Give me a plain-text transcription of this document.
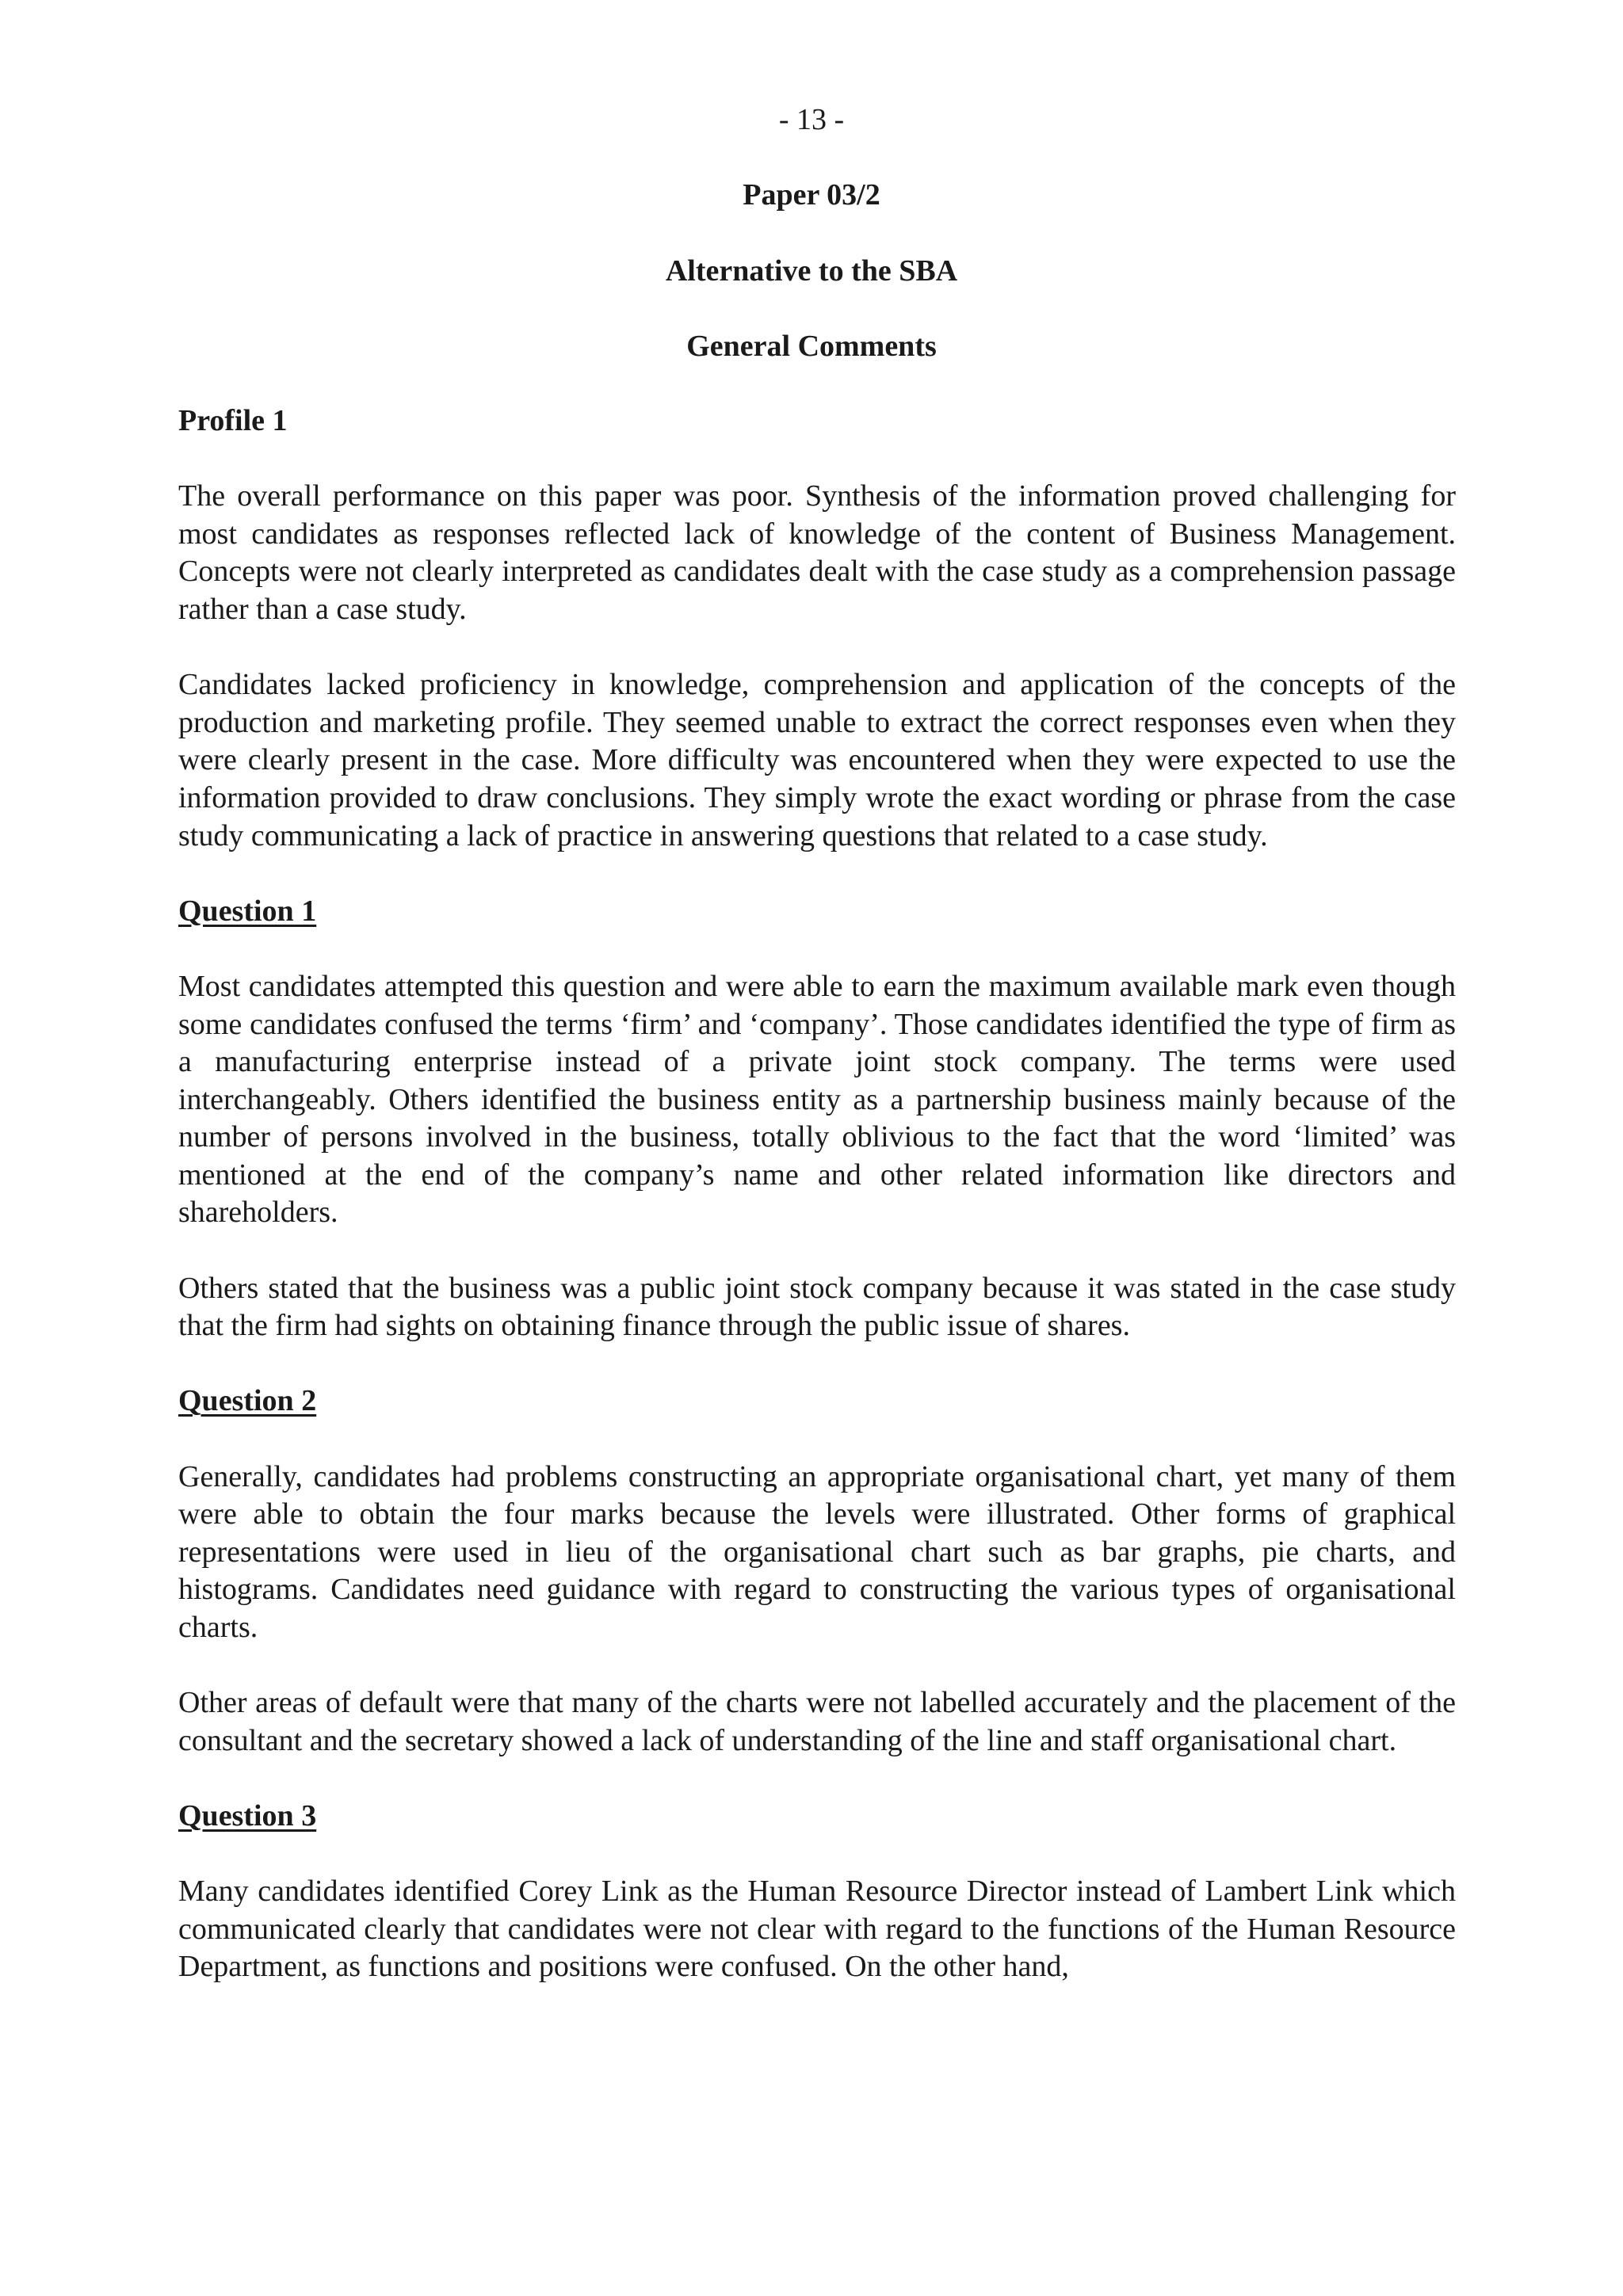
- 13 -

Paper 03/2

Alternative to the SBA

General Comments

Profile 1

The overall performance on this paper was poor. Synthesis of the information proved challenging for most candidates as responses reflected lack of knowledge of the content of Business Management. Concepts were not clearly interpreted as candidates dealt with the case study as a comprehension passage rather than a case study.

Candidates lacked proficiency in knowledge, comprehension and application of the concepts of the production and marketing profile. They seemed unable to extract the correct responses even when they were clearly present in the case. More difficulty was encountered when they were expected to use the information provided to draw conclusions. They simply wrote the exact wording or phrase from the case study communicating a lack of practice in answering questions that related to a case study.

Question 1

Most candidates attempted this question and were able to earn the maximum available mark even though some candidates confused the terms ‘firm’ and ‘company’. Those candidates identified the type of firm as a manufacturing enterprise instead of a private joint stock company. The terms were used interchangeably. Others identified the business entity as a partnership business mainly because of the number of persons involved in the business, totally oblivious to the fact that the word ‘limited’ was mentioned at the end of the company’s name and other related information like directors and shareholders.

Others stated that the business was a public joint stock company because it was stated in the case study that the firm had sights on obtaining finance through the public issue of shares.

Question 2

Generally, candidates had problems constructing an appropriate organisational chart, yet many of them were able to obtain the four marks because the levels were illustrated. Other forms of graphical representations were used in lieu of the organisational chart such as bar graphs, pie charts, and histograms. Candidates need guidance with regard to constructing the various types of organisational charts.

Other areas of default were that many of the charts were not labelled accurately and the placement of the consultant and the secretary showed a lack of understanding of the line and staff organisational chart.

Question 3

Many candidates identified Corey Link as the Human Resource Director instead of Lambert Link which communicated clearly that candidates were not clear with regard to the functions of the Human Resource Department, as functions and positions were confused. On the other hand,
